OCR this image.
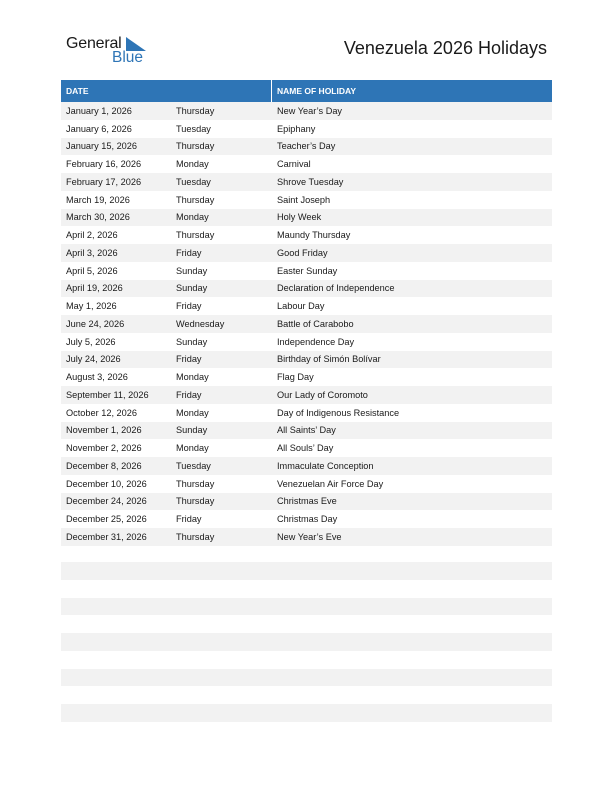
General
Blue	Venezuela 2026 Holidays
DATE	NAME OF HOLIDAY
January 1, 2026	Thursday	New Year’s Day
January 6, 2026	Tuesday	Epiphany
January 15, 2026	Thursday	Teacher’s Day
February 16, 2026	Monday	Carnival
February 17, 2026	Tuesday	Shrove Tuesday
March 19, 2026	Thursday	Saint Joseph
March 30, 2026	Monday	Holy Week
April 2, 2026	Thursday	Maundy Thursday
April 3, 2026	Friday	Good Friday
April 5, 2026	Sunday	Easter Sunday
April 19, 2026	Sunday	Declaration of Independence
May 1, 2026	Friday	Labour Day
June 24, 2026	Wednesday	Battle of Carabobo
July 5, 2026	Sunday	Independence Day
July 24, 2026	Friday	Birthday of Simón Bolívar
August 3, 2026	Monday	Flag Day
September 11, 2026	Friday	Our Lady of Coromoto
October 12, 2026	Monday	Day of Indigenous Resistance
November 1, 2026	Sunday	All Saints’ Day
November 2, 2026	Monday	All Souls’ Day
December 8, 2026	Tuesday	Immaculate Conception
December 10, 2026	Thursday	Venezuelan Air Force Day
December 24, 2026	Thursday	Christmas Eve
December 25, 2026	Friday	Christmas Day
December 31, 2026	Thursday	New Year’s Eve
